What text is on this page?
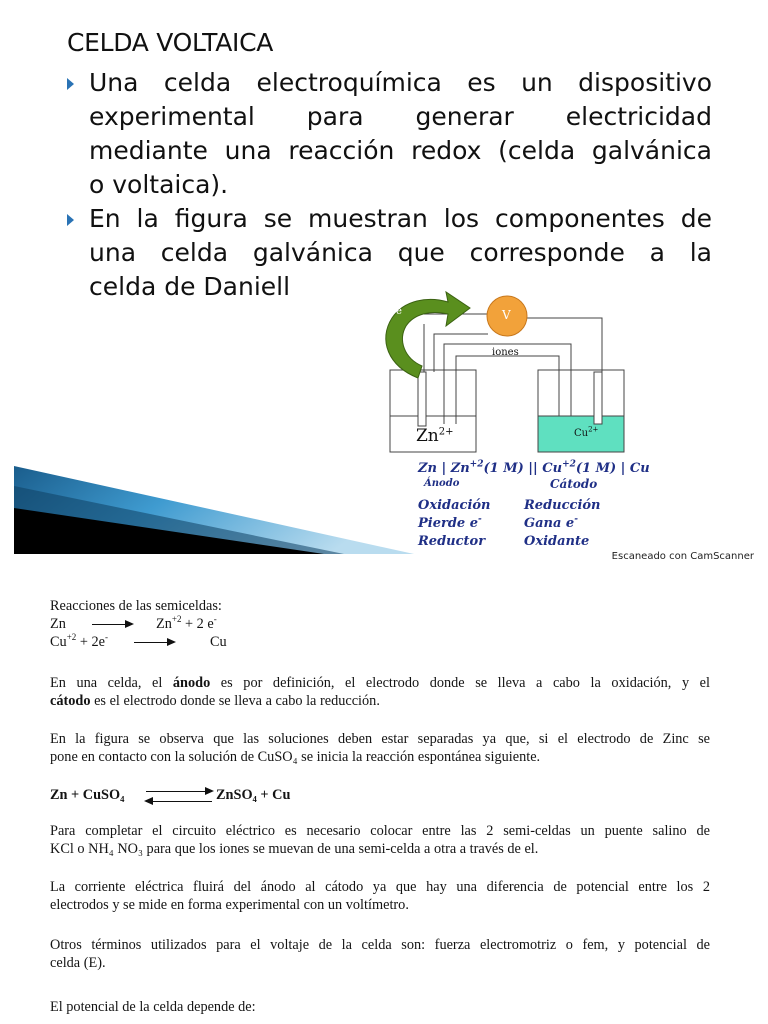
CELDA VOLTAICA
Una celda electroquímica es un dispositivo
experimental para generar electricidad
mediante una reacción redox (celda galvánica
o voltaica).
En la figura se muestran los componentes de
una celda galvánica que corresponde a la
celda de Daniell
e	V
iones
$Zn^{2+}$	$Cu^{2+}$
Zn | $Zn^{+2}(1$ M) || $Cu^{+2}(1$ M) | Cu
Ánodo	Cátodo
Oxidación
Pierde e-
Reductor
Reducción
Gana e-
Oxidante
Escaneado con CamScanner
Reacciones de las semiceldas:
Zn	$Zn^{+2} + 2$ e-
$Cu^{+2} + 2e^-$	Cu
En una celda, el ánodo es por definición, el electrodo donde se lleva a cabo la oxidación, y el
cátodo es el electrodo donde se lleva a cabo la reducción.
En la figura se observa que las soluciones deben estar separadas ya que, si el electrodo de Zinc se
pone en contacto con la solución de CuSO₄ se inicia la reacción espontánea siguiente.
Zn + CuSO₄	ZnSO₄ + Cu
Para completar el circuito eléctrico es necesario colocar entre las 2 semi-celdas un puente salino de
KCl o NH₄ NO₃ para que los iones se muevan de una semi-celda a otra a través de el.
La corriente eléctrica fluirá del ánodo al cátodo ya que hay una diferencia de potencial entre los 2
electrodos y se mide en forma experimental con un voltímetro.
Otros términos utilizados para el voltaje de la celda son: fuerza electromotriz o fem, y potencial de
celda (E).
El potencial de la celda depende de:
